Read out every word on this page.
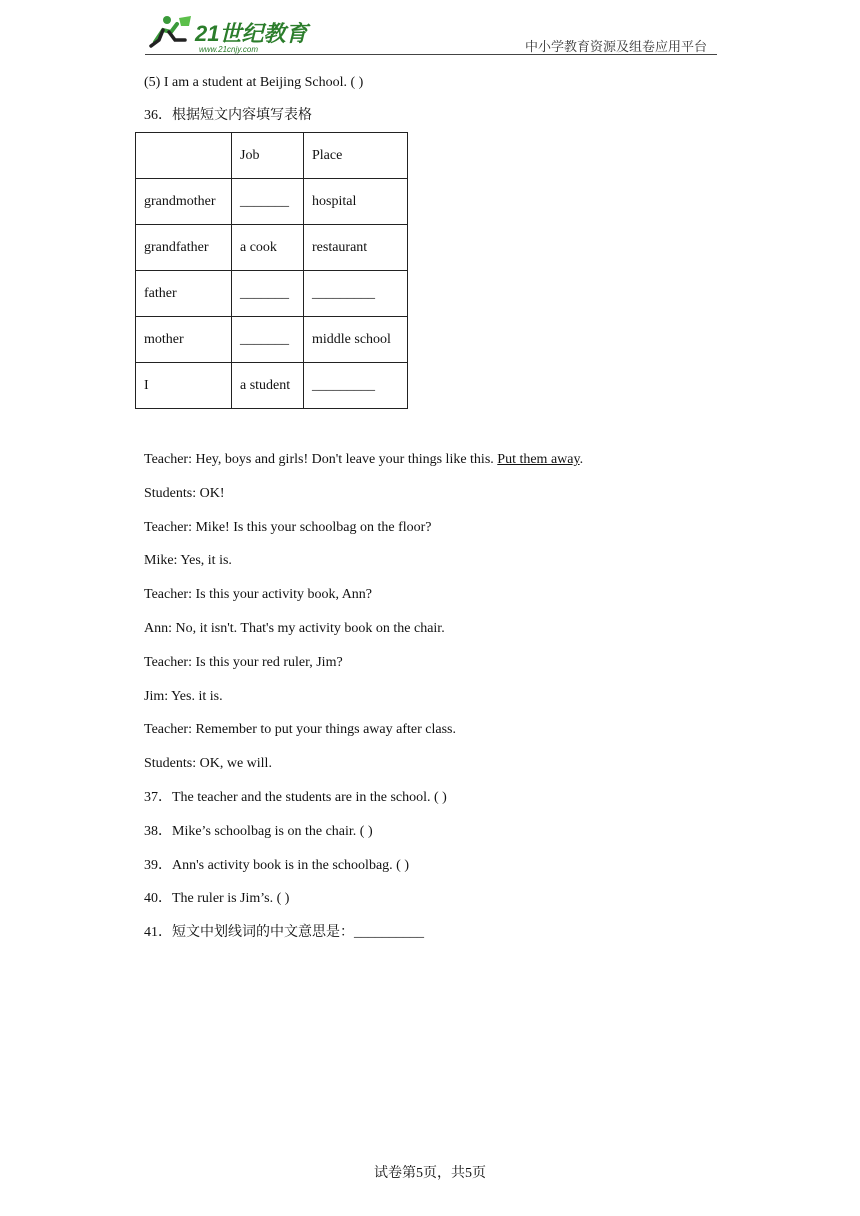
21世纪教育
www.21cnjy.com	中小学教育资源及组卷应用平台
(5) I am a student at Beijing School. ( )
36．根据短文内容填写表格
	Job	Place
grandmother	_______	hospital
grandfather	a cook	restaurant
father	_______	_________
mother	_______	middle school
I	a student	_________
Teacher: Hey, boys and girls! Don't leave your things like this. Put them away.
Students: OK!
Teacher: Mike! Is this your schoolbag on the floor?
Mike: Yes, it is.
Teacher: Is this your activity book, Ann?
Ann: No, it isn't. That's my activity book on the chair.
Teacher: Is this your red ruler, Jim?
Jim: Yes. it is.
Teacher: Remember to put your things away after class.
Students: OK, we will.
37．The teacher and the students are in the school. ( )
38．Mike’s schoolbag is on the chair. ( )
39．Ann's activity book is in the schoolbag. ( )
40．The ruler is Jim’s. ( )
41．短文中划线词的中文意思是：__________
试卷第5页，共5页
